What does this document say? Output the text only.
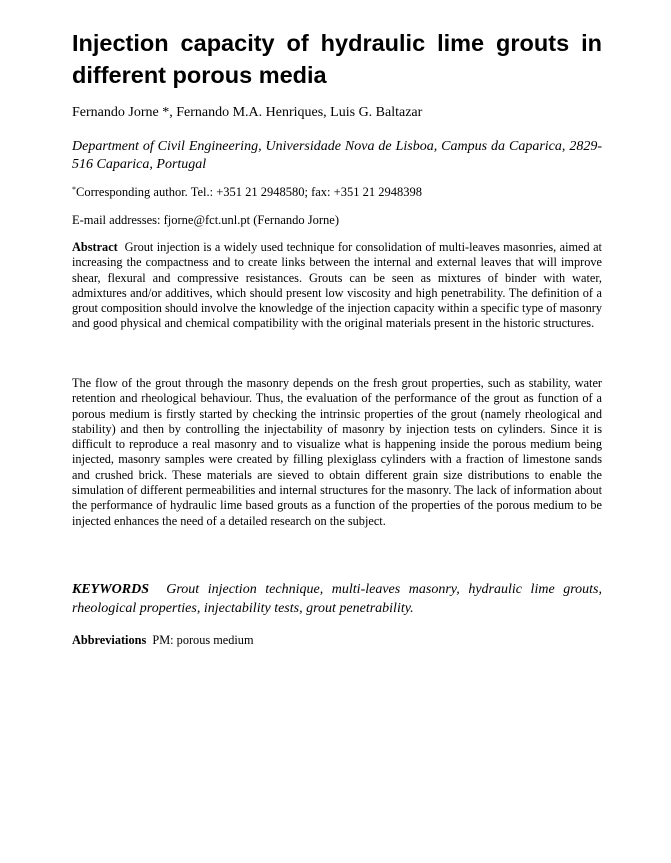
Injection capacity of hydraulic lime grouts in different porous media
Fernando Jorne *, Fernando M.A. Henriques, Luis G. Baltazar
Department of Civil Engineering, Universidade Nova de Lisboa, Campus da Caparica, 2829-516 Caparica, Portugal
*Corresponding author. Tel.: +351 21 2948580; fax: +351 21 2948398
E-mail addresses: fjorne@fct.unl.pt (Fernando Jorne)

Abstract Grout injection is a widely used technique for consolidation of multi-leaves masonries, aimed at increasing the compactness and to create links between the internal and external leaves that will improve shear, flexural and compressive resistances. Grouts can be seen as mixtures of binder with water, admixtures and/or additives, which should present low viscosity and high penetrability. The definition of a grout composition should involve the knowledge of the injection capacity within a specific type of masonry and good physical and chemical compatibility with the original materials present in the historic structures.

The flow of the grout through the masonry depends on the fresh grout properties, such as stability, water retention and rheological behaviour. Thus, the evaluation of the performance of the grout as function of a porous medium is firstly started by checking the intrinsic properties of the grout (namely rheological and stability) and then by controlling the injectability of masonry by injection tests on cylinders. Since it is difficult to reproduce a real masonry and to visualize what is happening inside the porous medium being injected, masonry samples were created by filling plexiglass cylinders with a fraction of limestone sands and crushed brick. These materials are sieved to obtain different grain size distributions to enable the simulation of different permeabilities and internal structures for the masonry. The lack of information about the performance of hydraulic lime based grouts as a function of the properties of the porous medium to be injected enhances the need of a detailed research on the subject.

KEYWORDS Grout injection technique, multi-leaves masonry, hydraulic lime grouts, rheological properties, injectability tests, grout penetrability.

Abbreviations PM: porous medium
